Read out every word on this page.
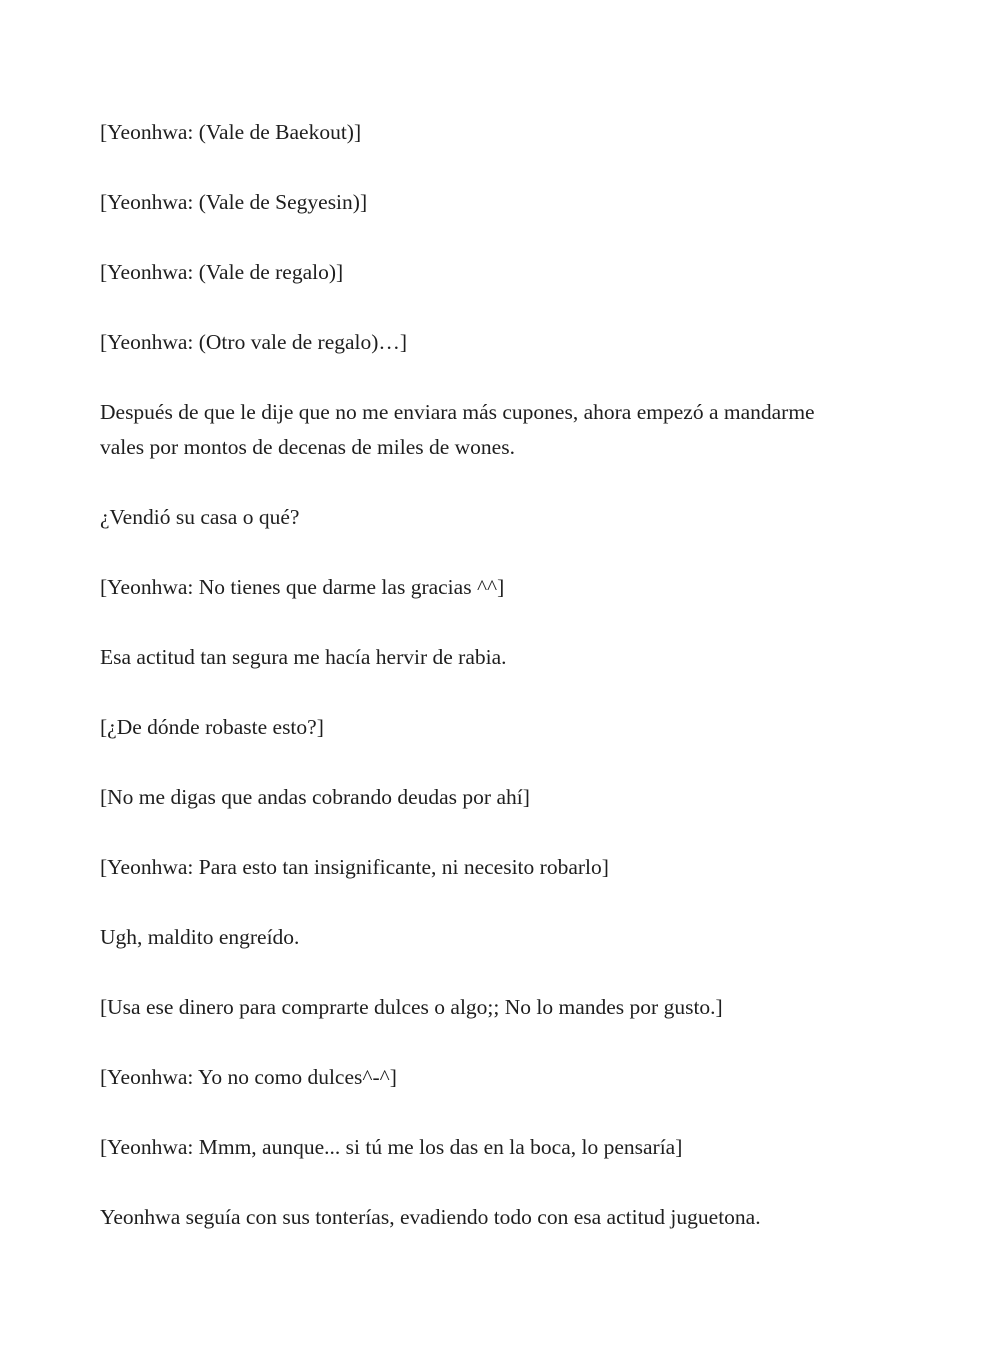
[Yeonhwa: (Vale de Baekout)]

[Yeonhwa: (Vale de Segyesin)]

[Yeonhwa: (Vale de regalo)]

[Yeonhwa: (Otro vale de regalo)…]

Después de que le dije que no me enviara más cupones, ahora empezó a mandarme vales por montos de decenas de miles de wones.

¿Vendió su casa o qué?

[Yeonhwa: No tienes que darme las gracias ^^]

Esa actitud tan segura me hacía hervir de rabia.

[¿De dónde robaste esto?]

[No me digas que andas cobrando deudas por ahí]

[Yeonhwa: Para esto tan insignificante, ni necesito robarlo]

Ugh, maldito engreído.

[Usa ese dinero para comprarte dulces o algo;; No lo mandes por gusto.]

[Yeonhwa: Yo no como dulces^-^]

[Yeonhwa: Mmm, aunque... si tú me los das en la boca, lo pensaría]

Yeonhwa seguía con sus tonterías, evadiendo todo con esa actitud juguetona.
